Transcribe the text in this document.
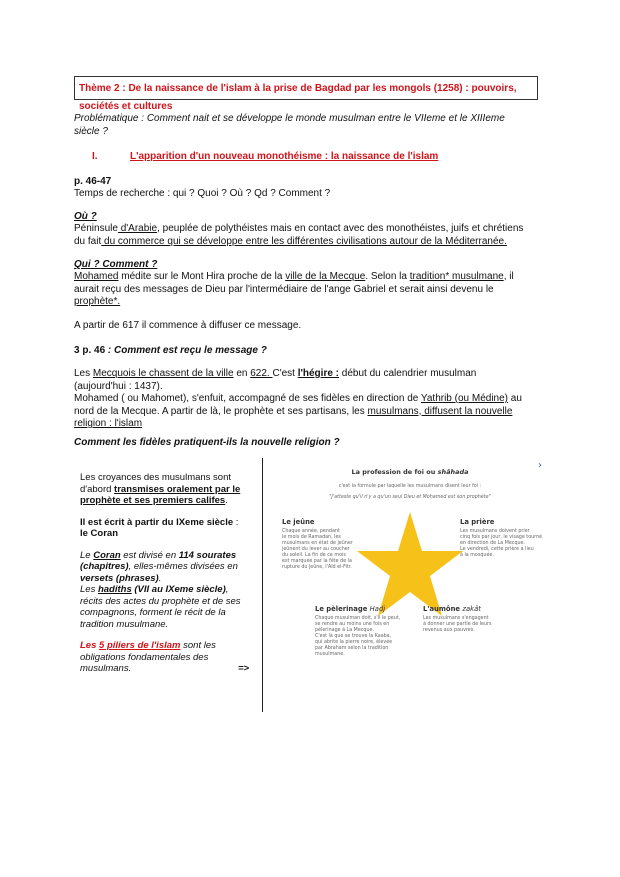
Thème 2 : De la naissance de l'islam à la prise de Bagdad par les mongols (1258) : pouvoirs,
sociétés et cultures

Problématique : Comment nait et se développe le monde musulman entre le VIIeme et le XIIIeme

siècle ?

I.	L'apparition d'un nouveau monothéisme : la naissance de l'islam
p. 46-47
Temps de recherche : qui ? Quoi ? Où ? Qd ? Comment ?
Où ?

Péninsule d'Arabie, peuplée de polythéistes mais en contact avec des monothéistes, juifs et chrétiens

du fait du commerce qui se développe entre les différentes civilisations autour de la Méditerranée.

Qui ? Comment ?

Mohamed médite sur le Mont Hira proche de la ville de la Mecque. Selon la tradition* musulmane, il

aurait reçu des messages de Dieu par l'intermédiaire de l'ange Gabriel et serait ainsi devenu le

prophète*.

A partir de 617 il commence à diffuser ce message.
3 p. 46 : Comment est reçu le message ?

Les Mecquois le chassent de la ville en 622. C'est l'hégire : début du calendrier musulman

(aujourd'hui : 1437).

Mohamed ( ou Mahomet), s'enfuit, accompagné de ses fidèles en direction de Yathrib (ou Médine) au

nord de la Mecque. A partir de là, le prophète et ses partisans, les musulmans, diffusent la nouvelle

religion : l'islam

Comment les fidèles pratiquent-ils la nouvelle religion ?

Les croyances des musulmans sont

d'abord transmises oralement par le

prophète et ses premiers califes.

Il est écrit à partir du IXeme siècle :

le Coran

Le Coran est divisé en 114 sourates

(chapitres), elles-mêmes divisées en

versets (phrases).

Les hadiths (VII au IXeme siècle),

récits des actes du prophète et de ses

compagnons, forment le récit de la

tradition musulmane.

Les 5 piliers de l'islam sont les

obligations fondamentales des

musulmans.	=>

›
La profession de foi ou shâhada
c'est la formule par laquelle les musulmans disent leur foi :
"J'atteste qu'il n'y a qu'un seul Dieu et Mohamed est son prophète"
Le jeûne
Chaque année, pendant
le mois de Ramadan, les
musulmans en état de jeûner
jeûnent du lever au coucher
du soleil. La fin de ce mois
est marquée par la fête de la
rupture du jeûne, l'Aïd el-Fitr.
La prière
Les musulmans doivent prier
cinq fois par jour, le visage tourné
en direction de La Mecque.
Le vendredi, cette prière a lieu
à la mosquée.
Le pèlerinage Hadj
Chaque musulman doit, s'il le peut,
se rendre au moins une fois en
pèlerinage à La Mecque.
C'est là que se trouve la Kaaba,
qui abrite la pierre noire, élevée
par Abraham selon la tradition
musulmane.
L'aumône zakât
Les musulmans s'engagent
à donner une partie de leurs
revenus aux pauvres.
